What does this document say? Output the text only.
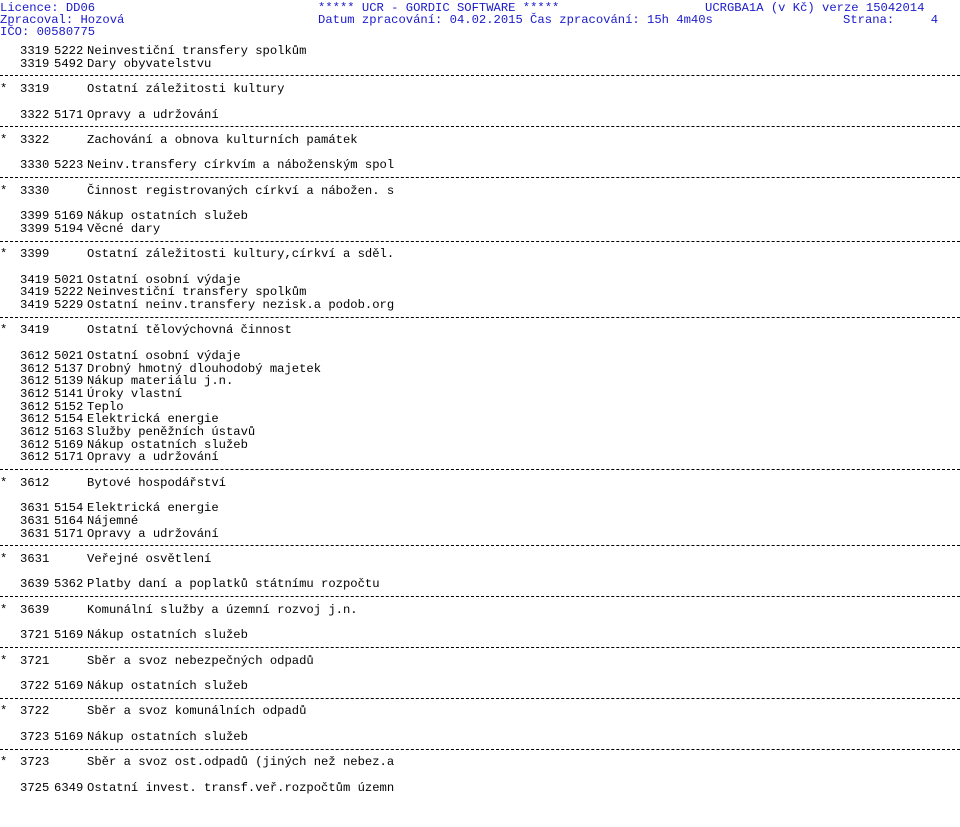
Licence: DD06

	***** UCR - GORDIC SOFTWARE *****

	UCRGBA1A (v Kč) verze 15042014

Zpracoval: Hozová

	Datum zpracování: 04.02.2015

Čas zpracování: 15h 4m40s

	Strana:     4

IČO: 00580775

3319 5222 Neinvestiční transfery spolkům
3319 5492 Dary obyvatelstvu
* 3319	Ostatní záležitosti kultury
3322 5171 Opravy a udržování
* 3322	Zachování a obnova kulturních památek
3330 5223 Neinv.transfery církvím a náboženským spol
* 3330	Činnost registrovaných církví a nábožen. s
3399 5169 Nákup ostatních služeb
3399 5194 Věcné dary
* 3399	Ostatní záležitosti kultury,církví a sděl.
3419 5021 Ostatní osobní výdaje
3419 5222 Neinvestiční transfery spolkům
3419 5229 Ostatní neinv.transfery nezisk.a podob.org
* 3419	Ostatní tělovýchovná činnost
3612 5021 Ostatní osobní výdaje
3612 5137 Drobný hmotný dlouhodobý majetek
3612 5139 Nákup materiálu j.n.
3612 5141 Úroky vlastní
3612 5152 Teplo
3612 5154 Elektrická energie
3612 5163 Služby peněžních ústavů
3612 5169 Nákup ostatních služeb
3612 5171 Opravy a udržování
* 3612	Bytové hospodářství
3631 5154 Elektrická energie
3631 5164 Nájemné
3631 5171 Opravy a udržování
* 3631	Veřejné osvětlení
3639 5362 Platby daní a poplatků státnímu rozpočtu
* 3639	Komunální služby a územní rozvoj j.n.
3721 5169 Nákup ostatních služeb
* 3721	Sběr a svoz nebezpečných odpadů
3722 5169 Nákup ostatních služeb
* 3722	Sběr a svoz komunálních odpadů
3723 5169 Nákup ostatních služeb
* 3723	Sběr a svoz ost.odpadů (jiných než nebez.a
3725 6349 Ostatní invest. transf.veř.rozpočtům územn
